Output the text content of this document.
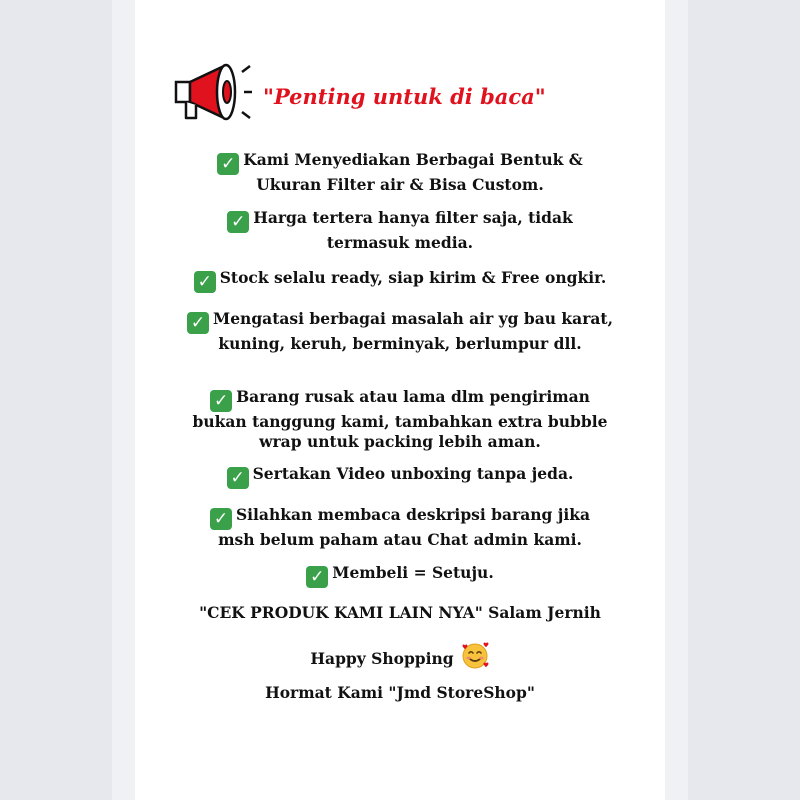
"Penting untuk di baca"
✓ Kami Menyediakan Berbagai Bentuk &
Ukuran Filter air & Bisa Custom.
✓ Harga tertera hanya filter saja, tidak
termasuk media.
✓ Stock selalu ready, siap kirim & Free ongkir.
✓ Mengatasi berbagai masalah air yg bau karat,
kuning, keruh, berminyak, berlumpur dll.
✓ Barang rusak atau lama dlm pengiriman
bukan tanggung kami, tambahkan extra bubble
wrap untuk packing lebih aman.
✓ Sertakan Video unboxing tanpa jeda.
✓ Silahkan membaca deskripsi barang jika
msh belum paham atau Chat admin kami.
✓ Membeli = Setuju.
"CEK PRODUK KAMI LAIN NYA" Salam Jernih
Happy Shopping
Hormat Kami "Jmd StoreShop"
